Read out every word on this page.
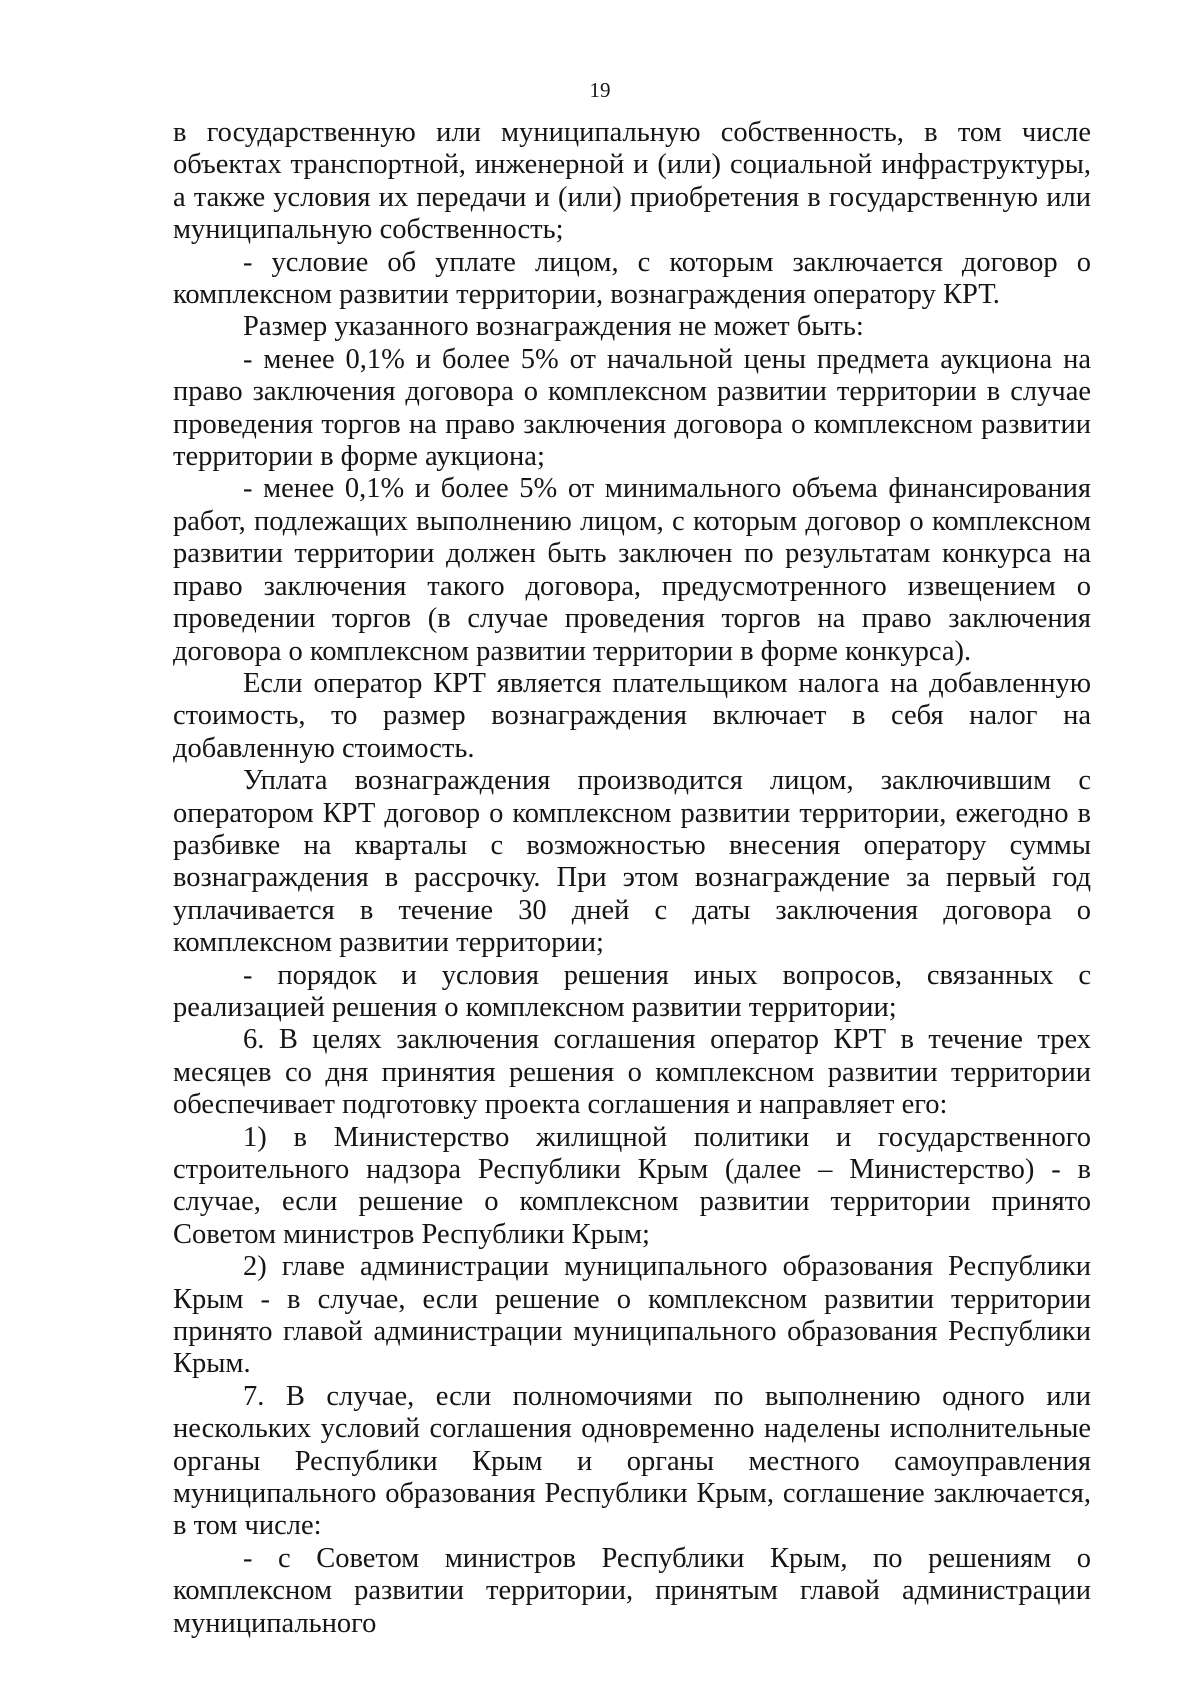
19

в государственную или муниципальную собственность, в том числе объектах транспортной, инженерной и (или) социальной инфраструктуры, а также условия их передачи и (или) приобретения в государственную или муниципальную собственность;

- условие об уплате лицом, с которым заключается договор о комплексном развитии территории, вознаграждения оператору КРТ.

Размер указанного вознаграждения не может быть:

- менее 0,1% и более 5% от начальной цены предмета аукциона на право заключения договора о комплексном развитии территории в случае проведения торгов на право заключения договора о комплексном развитии территории в форме аукциона;

- менее 0,1% и более 5% от минимального объема финансирования работ, подлежащих выполнению лицом, с которым договор о комплексном развитии территории должен быть заключен по результатам конкурса на право заключения такого договора, предусмотренного извещением о проведении торгов (в случае проведения торгов на право заключения договора о комплексном развитии территории в форме конкурса).

Если оператор КРТ является плательщиком налога на добавленную стоимость, то размер вознаграждения включает в себя налог на добавленную стоимость.

Уплата вознаграждения производится лицом, заключившим с оператором КРТ договор о комплексном развитии территории, ежегодно в разбивке на кварталы с возможностью внесения оператору суммы вознаграждения в рассрочку. При этом вознаграждение за первый год уплачивается в течение 30 дней с даты заключения договора о комплексном развитии территории;

- порядок и условия решения иных вопросов, связанных с реализацией решения о комплексном развитии территории;

6. В целях заключения соглашения оператор КРТ в течение трех месяцев со дня принятия решения о комплексном развитии территории обеспечивает подготовку проекта соглашения и направляет его:

1) в Министерство жилищной политики и государственного строительного надзора Республики Крым (далее – Министерство) - в случае, если решение о комплексном развитии территории принято Советом министров Республики Крым;

2) главе администрации муниципального образования Республики Крым - в случае, если решение о комплексном развитии территории принято главой администрации муниципального образования Республики Крым.

7. В случае, если полномочиями по выполнению одного или нескольких условий соглашения одновременно наделены исполнительные органы Республики Крым и органы местного самоуправления муниципального образования Республики Крым, соглашение заключается, в том числе:

- с Советом министров Республики Крым, по решениям о комплексном развитии территории, принятым главой администрации муниципального
